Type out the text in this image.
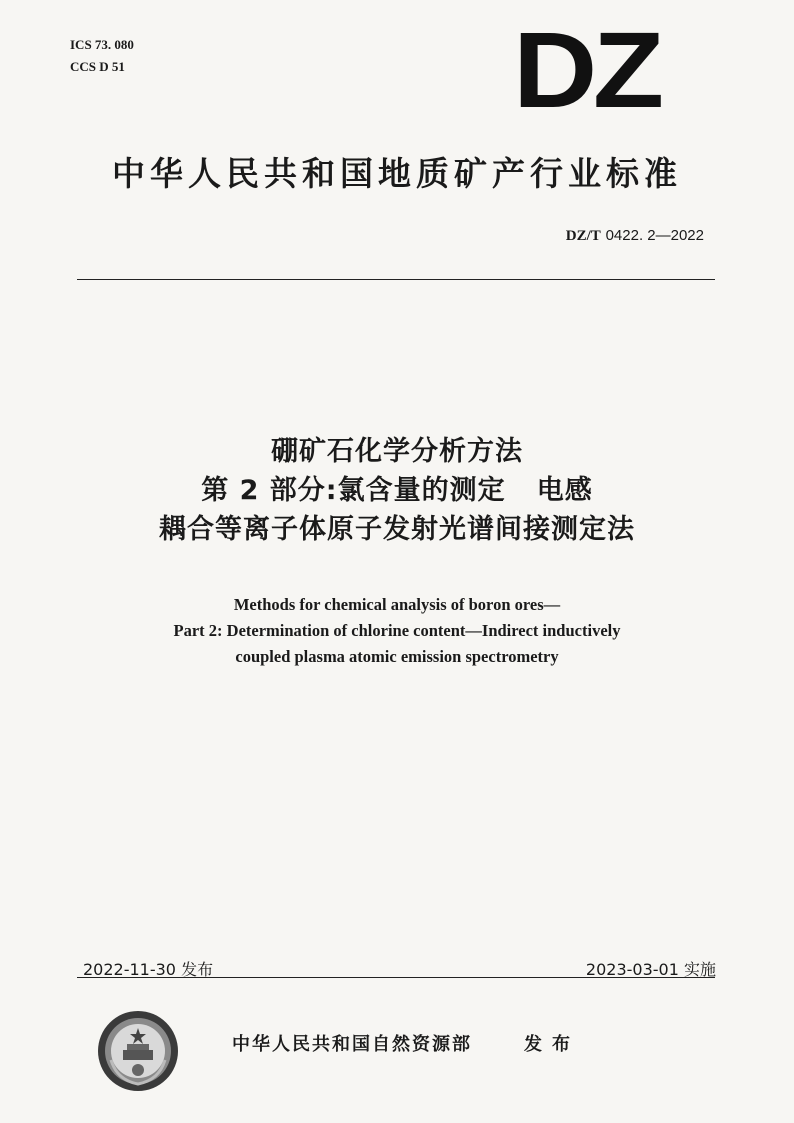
ICS 73. 080
CCS D 51	DZ
中华人民共和国地质矿产行业标准
DZ/T 0422. 2—2022
硼矿石化学分析方法
第 2 部分:氯含量的测定   电感
耦合等离子体原子发射光谱间接测定法
Methods for chemical analysis of boron ores—
Part 2: Determination of chlorine content—Indirect inductively
coupled plasma atomic emission spectrometry
2022-11-30 发布	2023-03-01 实施
中华人民共和国自然资源部	发布
